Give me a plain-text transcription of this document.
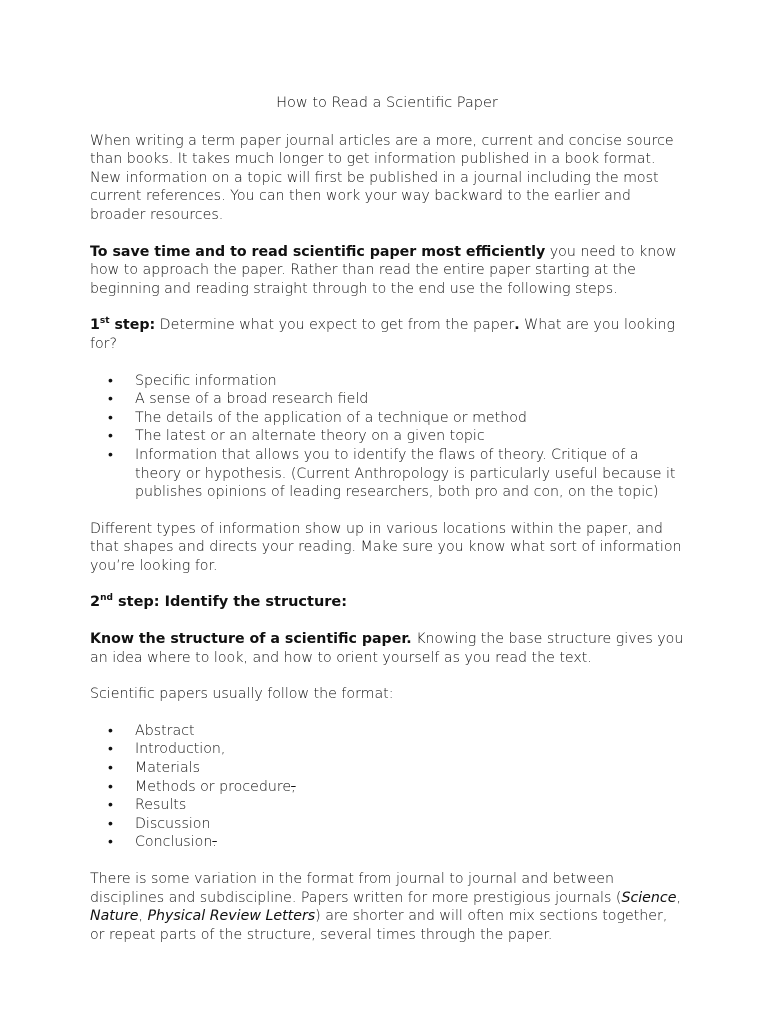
How to Read a Scientific Paper

When writing a term paper journal articles are a more, current and concise source than books. It takes much longer to get information published in a book format. New information on a topic will first be published in a journal including the most current references. You can then work your way backward to the earlier and broader resources.

To save time and to read scientific paper most efficiently you need to know how to approach the paper. Rather than read the entire paper starting at the beginning and reading straight through to the end use the following steps.

1st step: Determine what you expect to get from the paper. What are you looking for?
• Specific information
• A sense of a broad research field
• The details of the application of a technique or method
• The latest or an alternate theory on a given topic
• Information that allows you to identify the flaws of theory. Critique of a theory or hypothesis. (Current Anthropology is particularly useful because it publishes opinions of leading researchers, both pro and con, on the topic)

Different types of information show up in various locations within the paper, and that shapes and directs your reading. Make sure you know what sort of information you’re looking for.

2nd step: Identify the structure:

Know the structure of a scientific paper. Knowing the base structure gives you an idea where to look, and how to orient yourself as you read the text.

Scientific papers usually follow the format:

• Abstract
• Introduction,
• Materials
• Methods or procedure,
• Results
• Discussion
• Conclusion.

There is some variation in the format from journal to journal and between disciplines and subdiscipline. Papers written for more prestigious journals (Science, Nature, Physical Review Letters) are shorter and will often mix sections together, or repeat parts of the structure, several times through the paper.
